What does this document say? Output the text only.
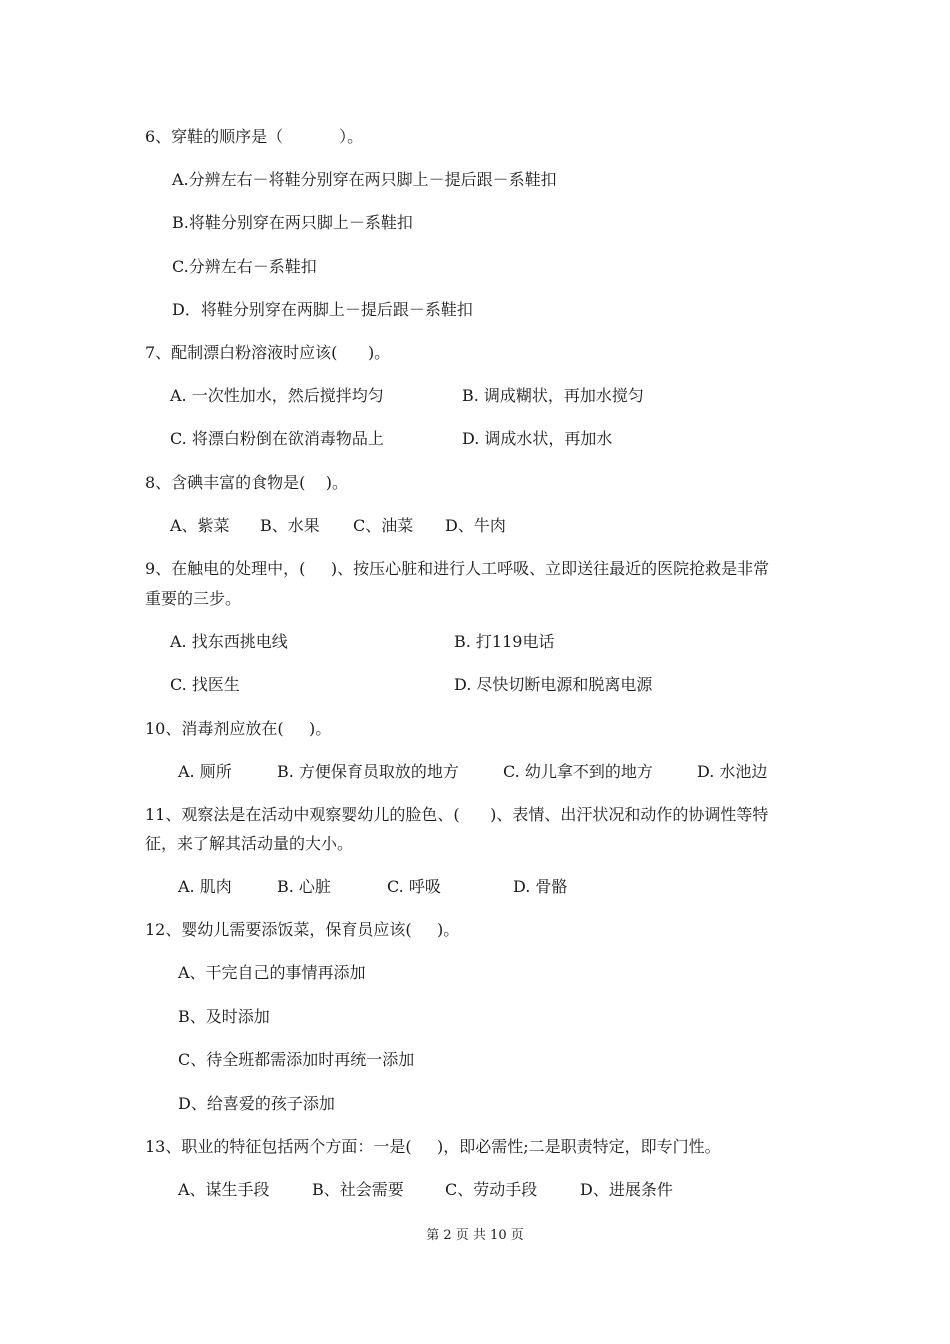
6、穿鞋的顺序是（           ）。
A.分辨左右－将鞋分别穿在两只脚上－提后跟－系鞋扣
B.将鞋分别穿在两只脚上－系鞋扣
C.分辨左右－系鞋扣
D．将鞋分别穿在两脚上－提后跟－系鞋扣
7、配制漂白粉溶液时应该(      )。
A. 一次性加水，然后搅拌均匀	B. 调成糊状，再加水搅匀
C. 将漂白粉倒在欲消毒物品上	D. 调成水状，再加水
8、含碘丰富的食物是(    )。
A、紫菜 B、水果 C、油菜 D、牛肉
9、在触电的处理中，(     )、按压心脏和进行人工呼吸、立即送往最近的医院抢救是非常
重要的三步。
A. 找东西挑电线	B. 打119电话
C. 找医生	D. 尽快切断电源和脱离电源
10、消毒剂应放在(     )。
A. 厕所	B. 方便保育员取放的地方	C. 幼儿拿不到的地方	D. 水池边
11、观察法是在活动中观察婴幼儿的脸色、(      )、表情、出汗状况和动作的协调性等特
征，来了解其活动量的大小。
A. 肌肉	B. 心脏	C. 呼吸	D. 骨骼
12、婴幼儿需要添饭菜，保育员应该(     )。
A、干完自己的事情再添加
B、及时添加
C、待全班都需添加时再统一添加
D、给喜爱的孩子添加
13、职业的特征包括两个方面：一是(     )，即必需性;二是职责特定，即专门性。
A、谋生手段	B、社会需要	C、劳动手段	D、进展条件
第 2 页 共 10 页
